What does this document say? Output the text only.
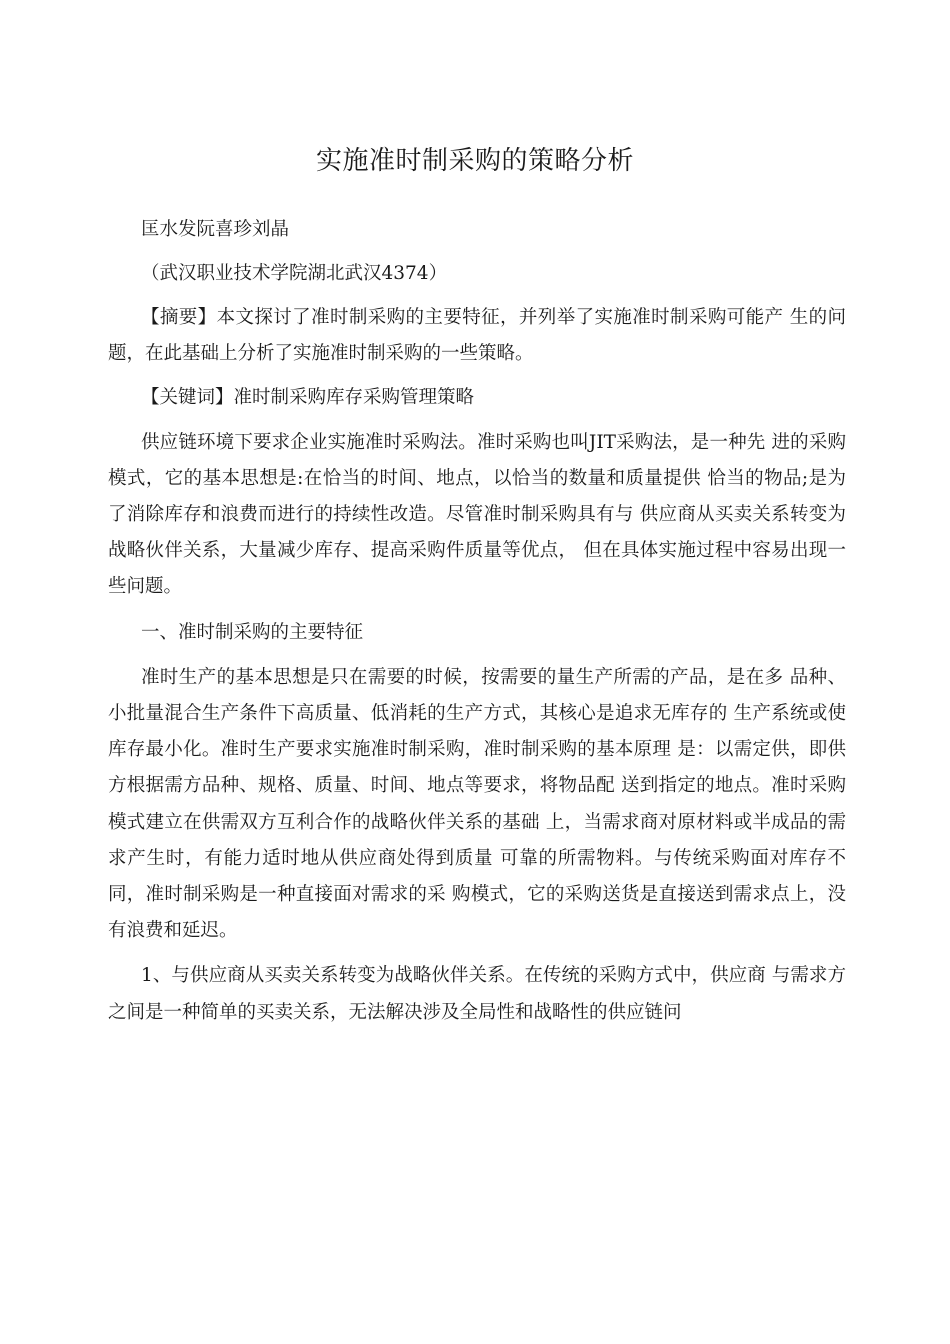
实施准时制采购的策略分析
匡水发阮喜珍刘晶
（武汉职业技术学院湖北武汉4374）

【摘要】本文探讨了准时制采购的主要特征，并列举了实施准时制采购可能产 生的问题，在此基础上分析了实施准时制采购的一些策略。

【关键词】准时制采购库存采购管理策略

供应链环境下要求企业实施准时采购法。准时采购也叫JIT采购法，是一种先 进的采购模式，它的基本思想是:在恰当的时间、地点，以恰当的数量和质量提供 恰当的物品;是为了消除库存和浪费而进行的持续性改造。尽管准时制采购具有与 供应商从买卖关系转变为战略伙伴关系，大量减少库存、提高采购件质量等优点， 但在具体实施过程中容易出现一些问题。

一、准时制采购的主要特征

准时生产的基本思想是只在需要的时候，按需要的量生产所需的产品，是在多 品种、小批量混合生产条件下高质量、低消耗的生产方式，其核心是追求无库存的 生产系统或使库存最小化。准时生产要求实施准时制采购，准时制采购的基本原理 是：以需定供，即供方根据需方品种、规格、质量、时间、地点等要求，将物品配 送到指定的地点。准时采购模式建立在供需双方互利合作的战略伙伴关系的基础 上，当需求商对原材料或半成品的需求产生时，有能力适时地从供应商处得到质量 可靠的所需物料。与传统采购面对库存不同，准时制采购是一种直接面对需求的采 购模式，它的采购送货是直接送到需求点上，没有浪费和延迟。

1、与供应商从买卖关系转变为战略伙伴关系。在传统的采购方式中，供应商 与需求方之间是一种简单的买卖关系，无法解决涉及全局性和战略性的供应链问
